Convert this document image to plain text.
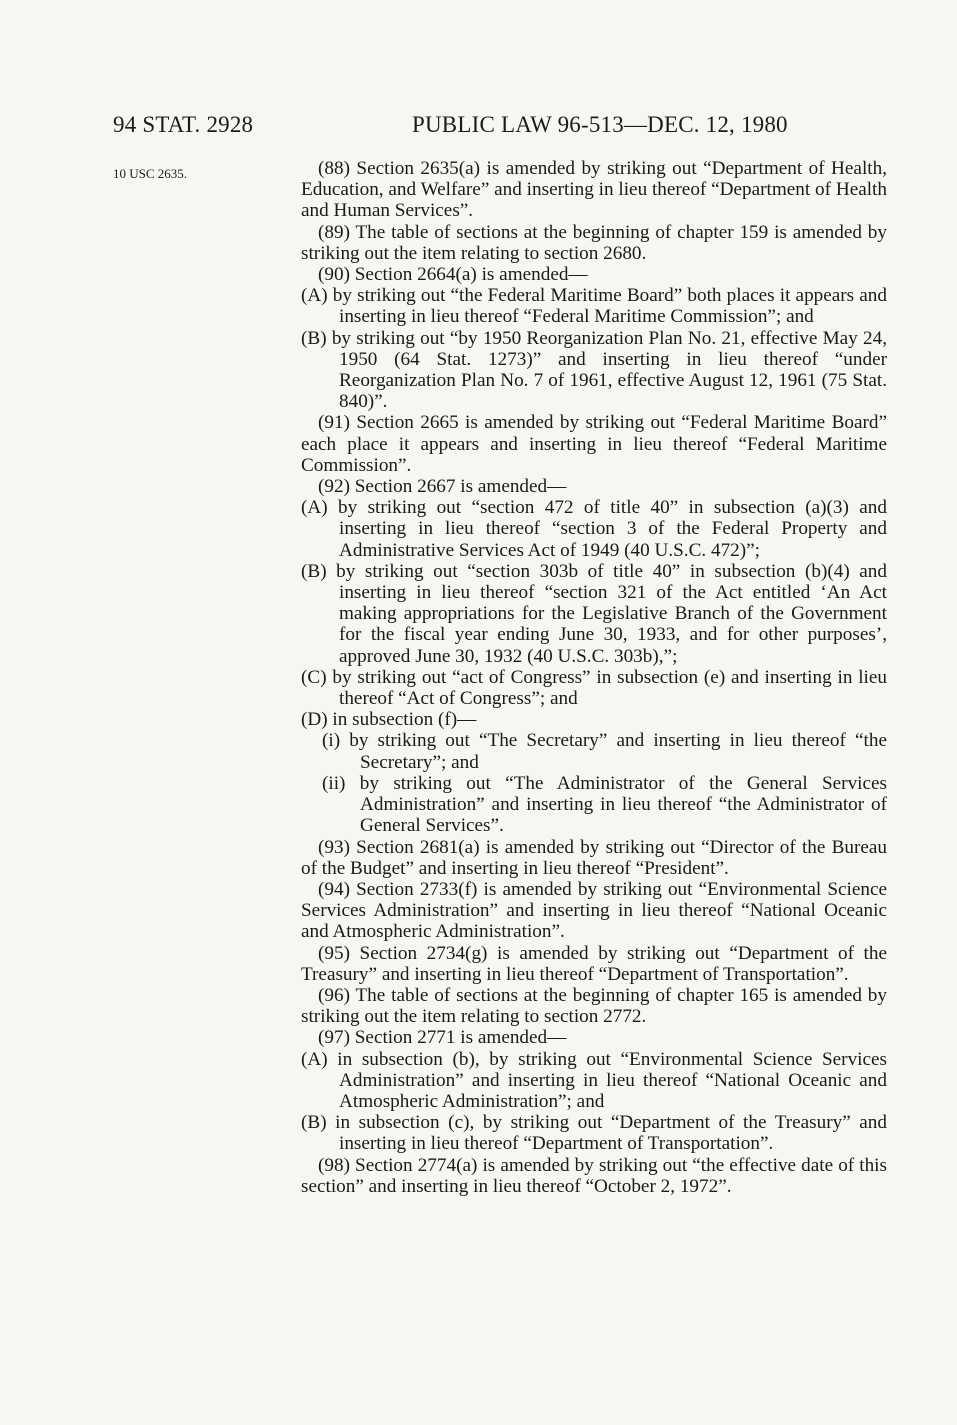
94 STAT. 2928	PUBLIC LAW 96-513—DEC. 12, 1980
10 USC 2635.	(88) Section 2635(a) is amended by striking out “Department of Health, Education, and Welfare” and inserting in lieu thereof “Department of Health and Human Services”.

(89) The table of sections at the beginning of chapter 159 is amended by striking out the item relating to section 2680.

(90) Section 2664(a) is amended—

(A) by striking out “the Federal Maritime Board” both places it appears and inserting in lieu thereof “Federal Maritime Commission”; and

(B) by striking out “by 1950 Reorganization Plan No. 21, effective May 24, 1950 (64 Stat. 1273)” and inserting in lieu thereof “under Reorganization Plan No. 7 of 1961, effective August 12, 1961 (75 Stat. 840)”.

(91) Section 2665 is amended by striking out “Federal Maritime Board” each place it appears and inserting in lieu thereof “Federal Maritime Commission”.

(92) Section 2667 is amended—

(A) by striking out “section 472 of title 40” in subsection (a)(3) and inserting in lieu thereof “section 3 of the Federal Property and Administrative Services Act of 1949 (40 U.S.C. 472)”;

(B) by striking out “section 303b of title 40” in subsection (b)(4) and inserting in lieu thereof “section 321 of the Act entitled ‘An Act making appropriations for the Legislative Branch of the Government for the fiscal year ending June 30, 1933, and for other purposes’, approved June 30, 1932 (40 U.S.C. 303b),”;

(C) by striking out “act of Congress” in subsection (e) and inserting in lieu thereof “Act of Congress”; and

(D) in subsection (f)—

(i) by striking out “The Secretary” and inserting in lieu thereof “the Secretary”; and

(ii) by striking out “The Administrator of the General Services Administration” and inserting in lieu thereof “the Administrator of General Services”.

(93) Section 2681(a) is amended by striking out “Director of the Bureau of the Budget” and inserting in lieu thereof “President”.

(94) Section 2733(f) is amended by striking out “Environmental Science Services Administration” and inserting in lieu thereof “National Oceanic and Atmospheric Administration”.

(95) Section 2734(g) is amended by striking out “Department of the Treasury” and inserting in lieu thereof “Department of Transportation”.

(96) The table of sections at the beginning of chapter 165 is amended by striking out the item relating to section 2772.

(97) Section 2771 is amended—

(A) in subsection (b), by striking out “Environmental Science Services Administration” and inserting in lieu thereof “National Oceanic and Atmospheric Administration”; and

(B) in subsection (c), by striking out “Department of the Treasury” and inserting in lieu thereof “Department of Transportation”.

(98) Section 2774(a) is amended by striking out “the effective date of this section” and inserting in lieu thereof “October 2, 1972”.
